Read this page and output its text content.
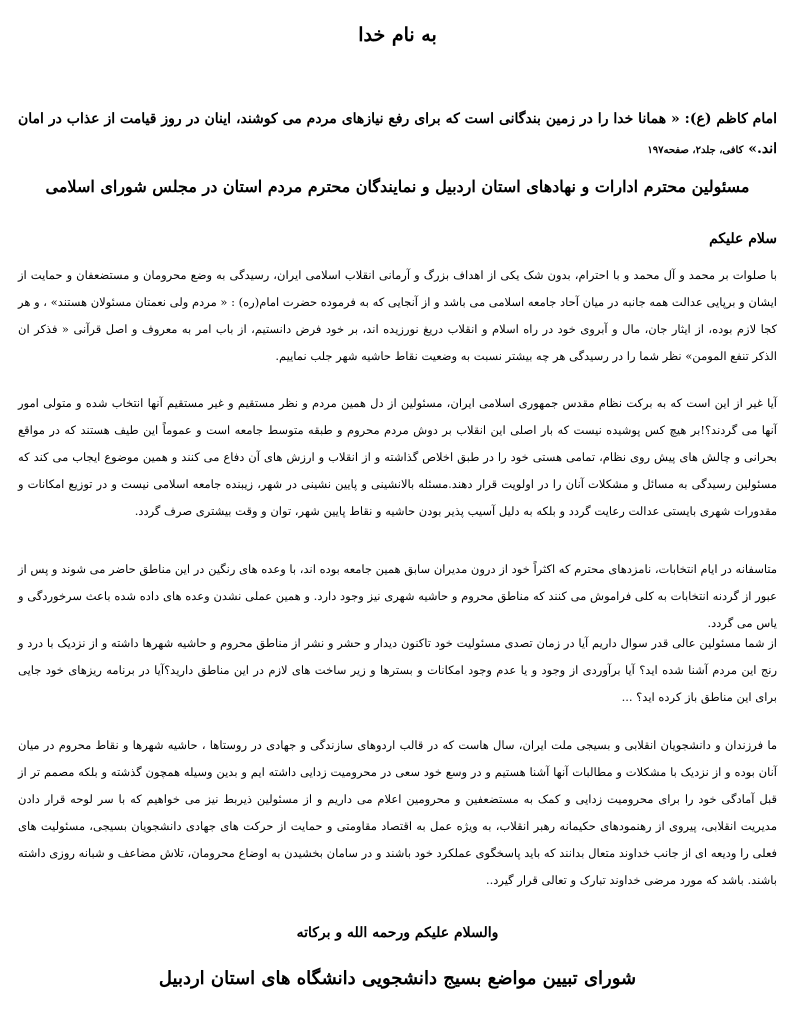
به نام خدا
امام کاظم (ع): « همانا خدا را در زمین بندگانی است که برای رفع نیازهای مردم می کوشند، اینان در روز قیامت از عذاب در امان اند.» کافی، جلد۲، صفحه۱۹۷
مسئولین محترم ادارات و نهادهای استان اردبیل و نمایندگان محترم مردم استان در مجلس شورای اسلامی
سلام علیکم

با صلوات بر محمد و آل محمد و با احترام، بدون شک یکی از اهداف بزرگ و آرمانی انقلاب اسلامی ایران، رسیدگی به وضع محرومان و مستضعفان و حمایت از ایشان و برپایی عدالت همه جانبه در میان آحاد جامعه اسلامی می باشد و از آنجایی که به فرموده حضرت امام(ره) : « مردم ولی نعمتان مسئولان هستند» ، و هر کجا لازم بوده، از ایثار جان، مال و آبروی خود در راه اسلام و انقلاب دریغ نورزیده اند، بر خود فرض دانستیم، از باب امر به معروف و اصل قرآنی « فذکر ان الذکر تنفع المومن» نظر شما را در رسیدگی هر چه بیشتر نسبت به وضعیت نقاط حاشیه شهر جلب نماییم.

آیا غیر از این است که به برکت نظام مقدس جمهوری اسلامی ایران، مسئولین از دل همین مردم و نظر مستقیم و غیر مستقیم آنها انتخاب شده و متولی امور آنها می گردند؟!بر هیچ کس پوشیده نیست که بار اصلی این انقلاب بر دوش مردم محروم و طبقه متوسط جامعه است و عموماً این طیف هستند که در مواقع بحرانی و چالش های پیش روی نظام، تمامی هستی خود را در طبق اخلاص گذاشته و از انقلاب و ارزش های آن دفاع می کنند و همین موضوع ایجاب می کند که مسئولین رسیدگی به مسائل و مشکلات آنان را در اولویت قرار دهند.مسئله بالانشینی و پایین نشینی در شهر، زیبنده جامعه اسلامی نیست و در توزیع امکانات و مقدورات شهری بایستی عدالت رعایت گردد و بلکه به دلیل آسیب پذیر بودن حاشیه و نقاط پایین شهر، توان و وقت بیشتری صرف گردد.

متاسفانه در ایام انتخابات، نامزدهای محترم که اکثراً خود از درون مدیران سابق همین جامعه بوده اند، با وعده های رنگین در این مناطق حاضر می شوند و پس از عبور از گردنه انتخابات به کلی فراموش می کنند که مناطق محروم و حاشیه شهری نیز وجود دارد. و همین عملی نشدن وعده های داده شده باعث سرخوردگی و یاس می گردد.

از شما مسئولین عالی قدر سوال داریم آیا در زمان تصدی مسئولیت خود تاکنون دیدار و حشر و نشر از مناطق محروم و حاشیه شهرها داشته و از نزدیک با درد و رنج این مردم آشنا شده اید؟ آیا برآوردی از وجود و یا عدم وجود امکانات و بسترها و زیر ساخت های لازم در این مناطق دارید؟آیا در برنامه ریزهای خود جایی برای این مناطق باز کرده اید؟ ...

ما فرزندان و دانشجویان انقلابی و بسیجی ملت ایران، سال هاست که در قالب اردوهای سازندگی و جهادی در روستاها ، حاشیه شهرها و نقاط محروم در میان آنان بوده و از نزدیک با مشکلات و مطالبات آنها آشنا هستیم و در وسع خود سعی در محرومیت زدایی داشته ایم و بدین وسیله همچون گذشته و بلکه مصمم تر از قبل آمادگی خود را برای محرومیت زدایی و کمک به مستضعفین و محرومین اعلام می داریم و از مسئولین ذیربط نیز می خواهیم که با سر لوحه قرار دادن مدیریت انقلابی، پیروی از رهنمودهای حکیمانه رهبر انقلاب، به ویژه عمل به اقتصاد مقاومتی و حمایت از حرکت های جهادی دانشجویان بسیجی، مسئولیت های فعلی را ودیعه ای از جانب خداوند متعال بدانند که باید پاسخگوی عملکرد خود باشند و در سامان بخشیدن به اوضاع محرومان، تلاش مضاعف و شبانه روزی داشته باشند. باشد که مورد مرضی خداوند تبارک و تعالی قرار گیرد..

والسلام علیکم ورحمه الله و برکاته
شورای تبیین مواضع بسیج دانشجویی دانشگاه های استان اردبیل
